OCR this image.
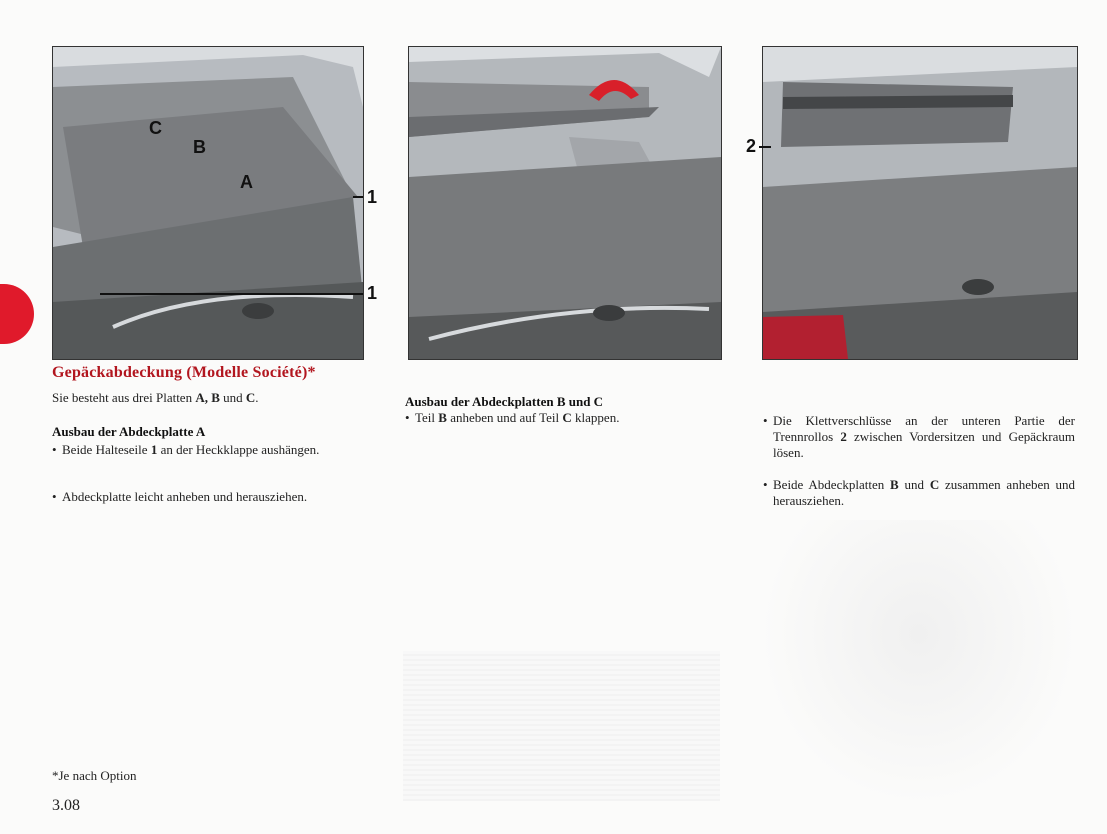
C
B
A
1
1
2
Gepäckabdeckung (Modelle Société)*

Sie besteht aus drei Platten A, B und C.

Ausbau der Abdeckplatte A

• Beide Halteseile 1 an der Heckklappe aushängen.

• Abdeckplatte leicht anheben und herausziehen.

Ausbau der Abdeckplatten B und C

• Teil B anheben und auf Teil C klappen.

•	Die Klettverschlüsse an der unteren Partie der Trennrollos 2 zwischen Vordersitzen und Gepäckraum lösen.

• Beide Abdeckplatten B und C zusammen anheben und herausziehen.

*Je nach Option

3.08
